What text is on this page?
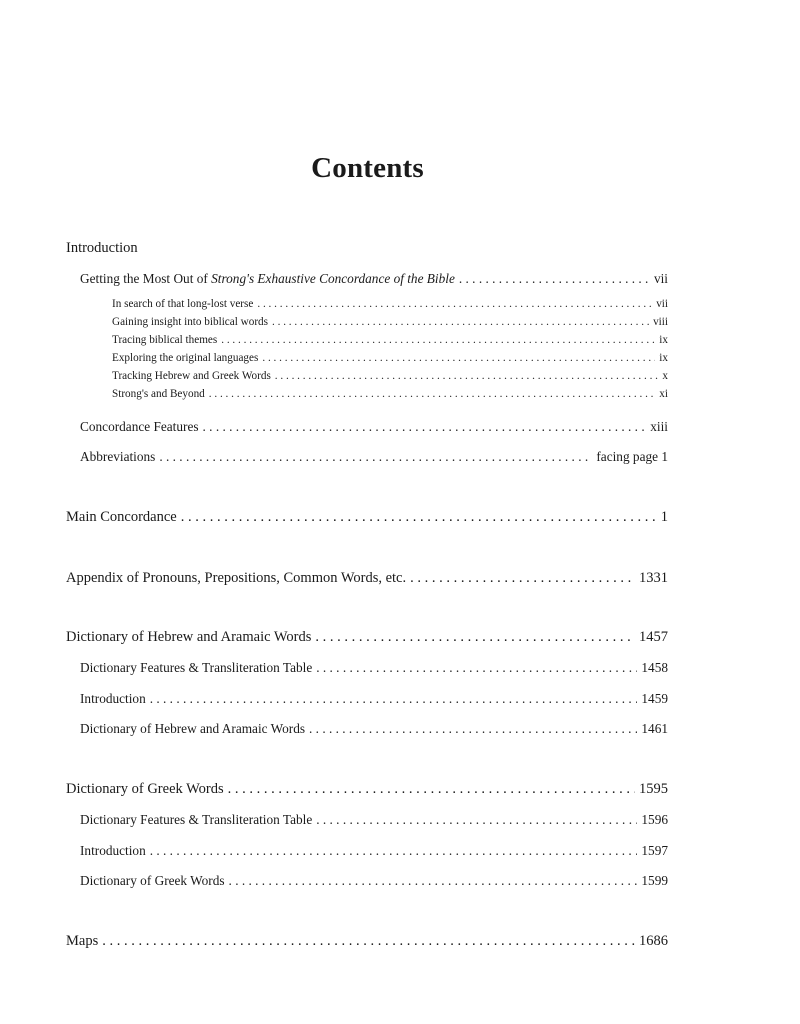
Contents
Introduction
Getting the Most Out of Strong's Exhaustive Concordance of the Bible . . .	vii
In search of that long-lost verse . . .	vii
Gaining insight into biblical words . . .	viii
Tracing biblical themes . . .	ix
Exploring the original languages . . .	ix
Tracking Hebrew and Greek Words . . .	x
Strong's and Beyond . . .	xi
Concordance Features . . .	xiii
Abbreviations . . .	facing page 1
Main Concordance . . .	1
Appendix of Pronouns, Prepositions, Common Words, etc. . . .	1331
Dictionary of Hebrew and Aramaic Words . . .	1457
Dictionary Features & Transliteration Table . . .	1458
Introduction . . .	1459
Dictionary of Hebrew and Aramaic Words . . .	1461
Dictionary of Greek Words . . .	1595
Dictionary Features & Transliteration Table . . .	1596
Introduction . . .	1597
Dictionary of Greek Words . . .	1599
Maps . . .	1686
